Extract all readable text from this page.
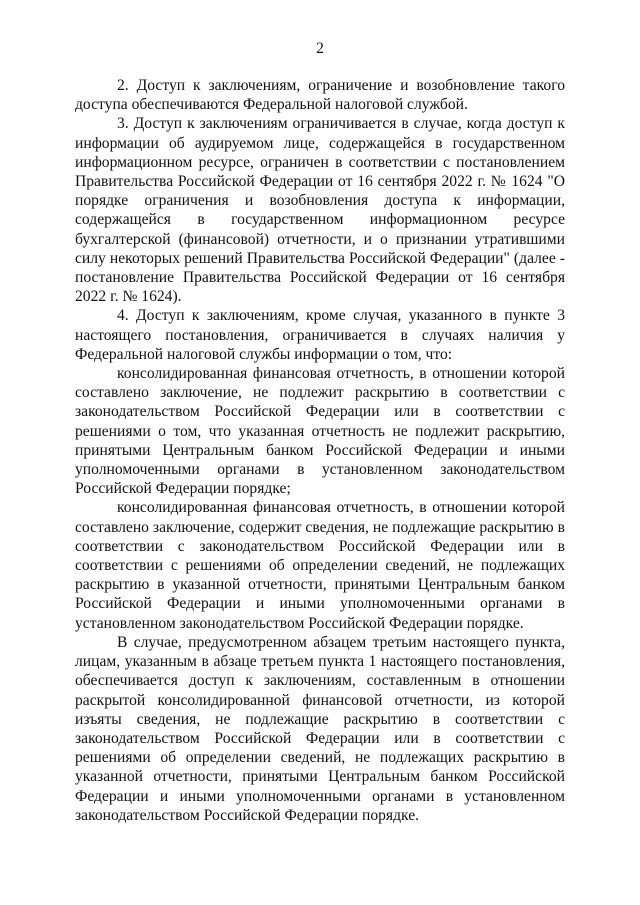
2

2. Доступ к заключениям, ограничение и возобновление такого доступа обеспечиваются Федеральной налоговой службой.

3. Доступ к заключениям ограничивается в случае, когда доступ к информации об аудируемом лице, содержащейся в государственном информационном ресурсе, ограничен в соответствии с постановлением Правительства Российской Федерации от 16 сентября 2022 г. № 1624 "О порядке ограничения и возобновления доступа к информации, содержащейся в государственном информационном ресурсе бухгалтерской (финансовой) отчетности, и о признании утратившими силу некоторых решений Правительства Российской Федерации" (далее - постановление Правительства Российской Федерации от 16 сентября 2022 г. № 1624).

4. Доступ к заключениям, кроме случая, указанного в пункте 3 настоящего постановления, ограничивается в случаях наличия у Федеральной налоговой службы информации о том, что:

консолидированная финансовая отчетность, в отношении которой составлено заключение, не подлежит раскрытию в соответствии с законодательством Российской Федерации или в соответствии с решениями о том, что указанная отчетность не подлежит раскрытию, принятыми Центральным банком Российской Федерации и иными уполномоченными органами в установленном законодательством Российской Федерации порядке;

консолидированная финансовая отчетность, в отношении которой составлено заключение, содержит сведения, не подлежащие раскрытию в соответствии с законодательством Российской Федерации или в соответствии с решениями об определении сведений, не подлежащих раскрытию в указанной отчетности, принятыми Центральным банком Российской Федерации и иными уполномоченными органами в установленном законодательством Российской Федерации порядке.

В случае, предусмотренном абзацем третьим настоящего пункта, лицам, указанным в абзаце третьем пункта 1 настоящего постановления, обеспечивается доступ к заключениям, составленным в отношении раскрытой консолидированной финансовой отчетности, из которой изъяты сведения, не подлежащие раскрытию в соответствии с законодательством Российской Федерации или в соответствии с решениями об определении сведений, не подлежащих раскрытию в указанной отчетности, принятыми Центральным банком Российской Федерации и иными уполномоченными органами в установленном законодательством Российской Федерации порядке.
